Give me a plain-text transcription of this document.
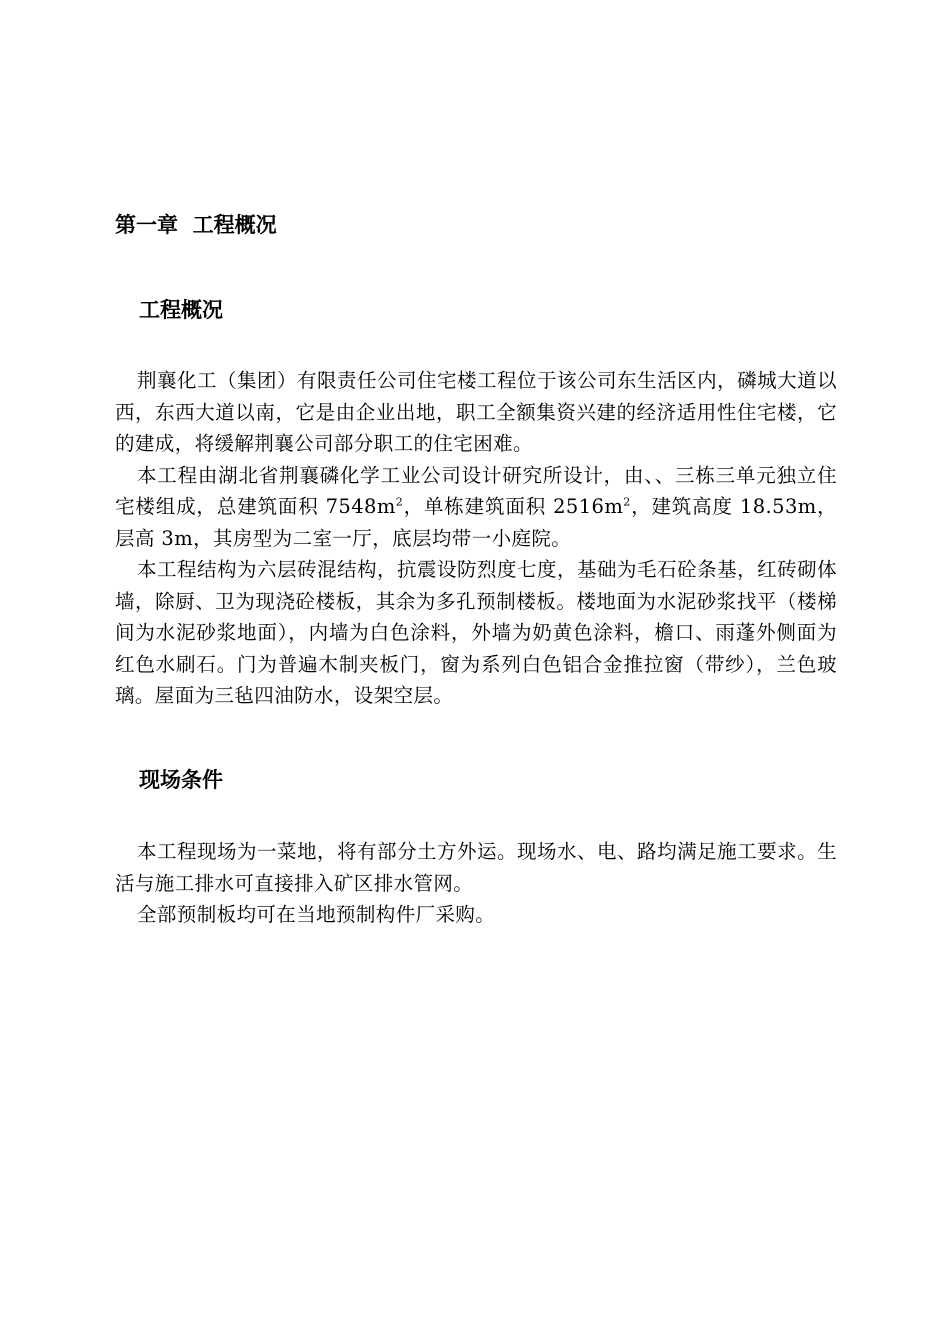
第一章  工程概况
工程概况

荆襄化工（集团）有限责任公司住宅楼工程位于该公司东生活区内，磷城大道以西，东西大道以南，它是由企业出地，职工全额集资兴建的经济适用性住宅楼，它的建成，将缓解荆襄公司部分职工的住宅困难。

本工程由湖北省荆襄磷化学工业公司设计研究所设计，由、、三栋三单元独立住宅楼组成，总建筑面积 $7548m^2$，单栋建筑面积 $2516m^2$，建筑高度 18.53m，层高 3m，其房型为二室一厅，底层均带一小庭院。

本工程结构为六层砖混结构，抗震设防烈度七度，基础为毛石砼条基，红砖砌体墙，除厨、卫为现浇砼楼板，其余为多孔预制楼板。楼地面为水泥砂浆找平（楼梯间为水泥砂浆地面），内墙为白色涂料，外墙为奶黄色涂料，檐口、雨蓬外侧面为红色水刷石。门为普遍木制夹板门，窗为系列白色铝合金推拉窗（带纱），兰色玻璃。屋面为三毡四油防水，设架空层。

现场条件

本工程现场为一菜地，将有部分土方外运。现场水、电、路均满足施工要求。生活与施工排水可直接排入矿区排水管网。

全部预制板均可在当地预制构件厂采购。
